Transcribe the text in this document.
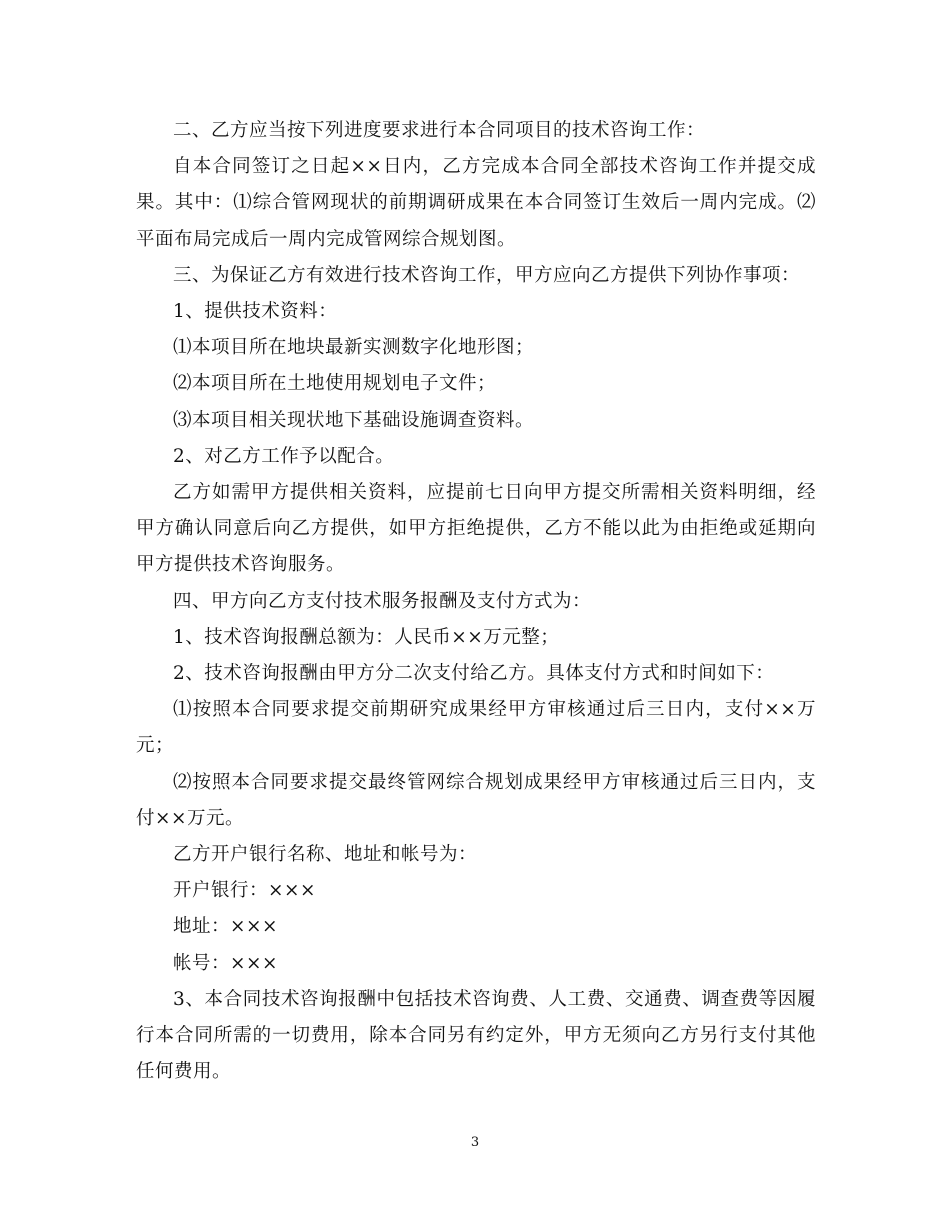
二、乙方应当按下列进度要求进行本合同项目的技术咨询工作：

自本合同签订之日起××日内，乙方完成本合同全部技术咨询工作并提交成果。其中：⑴综合管网现状的前期调研成果在本合同签订生效后一周内完成。⑵平面布局完成后一周内完成管网综合规划图。

三、为保证乙方有效进行技术咨询工作，甲方应向乙方提供下列协作事项：

1、提供技术资料：

⑴本项目所在地块最新实测数字化地形图；

⑵本项目所在土地使用规划电子文件；

⑶本项目相关现状地下基础设施调查资料。

2、对乙方工作予以配合。

乙方如需甲方提供相关资料，应提前七日向甲方提交所需相关资料明细，经甲方确认同意后向乙方提供，如甲方拒绝提供，乙方不能以此为由拒绝或延期向甲方提供技术咨询服务。

四、甲方向乙方支付技术服务报酬及支付方式为：

1、技术咨询报酬总额为：人民币××万元整；

2、技术咨询报酬由甲方分二次支付给乙方。具体支付方式和时间如下：

⑴按照本合同要求提交前期研究成果经甲方审核通过后三日内，支付××万元；

⑵按照本合同要求提交最终管网综合规划成果经甲方审核通过后三日内，支付××万元。

乙方开户银行名称、地址和帐号为：

开户银行：×××

地址：×××

帐号：×××

3、本合同技术咨询报酬中包括技术咨询费、人工费、交通费、调查费等因履行本合同所需的一切费用，除本合同另有约定外，甲方无须向乙方另行支付其他任何费用。

3
